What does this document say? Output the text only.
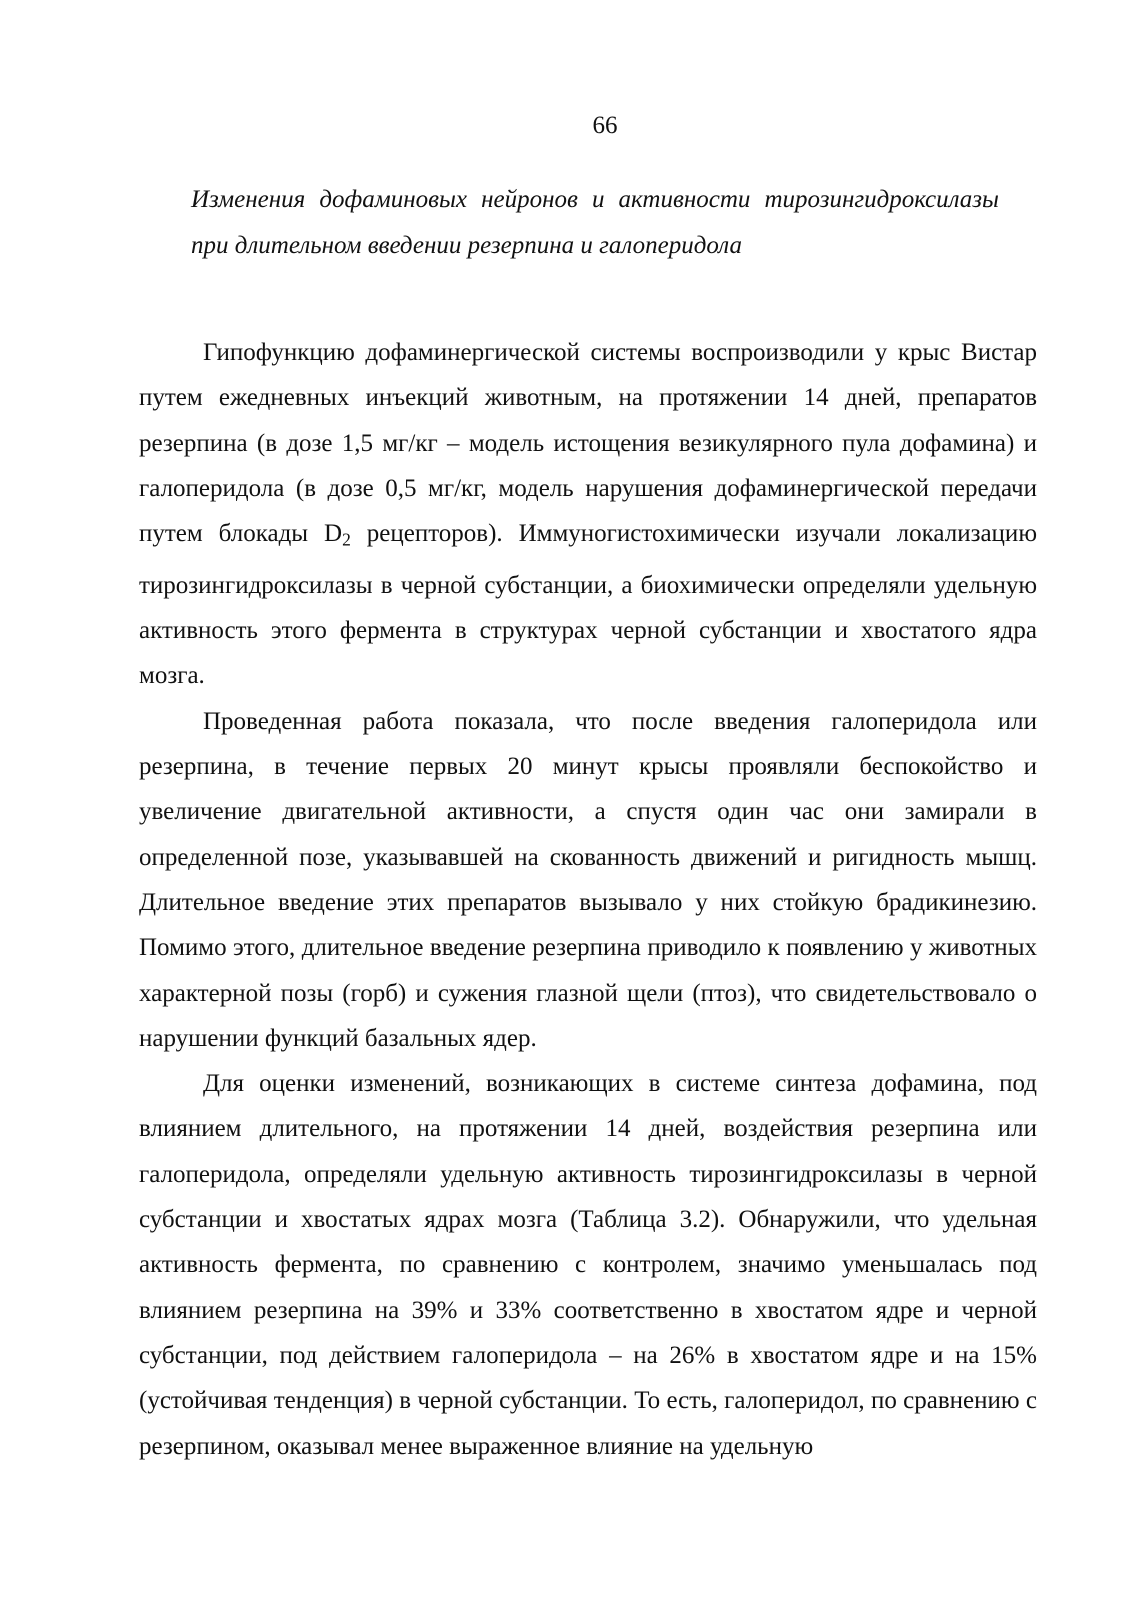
66
Изменения дофаминовых нейронов и активности тирозингидроксилазы при длительном введении резерпина и галоперидола

Гипофункцию дофаминергической системы воспроизводили у крыс Вистар путем ежедневных инъекций животным, на протяжении 14 дней, препаратов резерпина (в дозе 1,5 мг/кг – модель истощения везикулярного пула дофамина) и галоперидола (в дозе 0,5 мг/кг, модель нарушения дофаминергической передачи путем блокады $D_2$ рецепторов). Иммуногистохимически изучали локализацию тирозингидроксилазы в черной субстанции, а биохимически определяли удельную активность этого фермента в структурах черной субстанции и хвостатого ядра мозга.

Проведенная работа показала, что после введения галоперидола или резерпина, в течение первых 20 минут крысы проявляли беспокойство и увеличение двигательной активности, а спустя один час они замирали в определенной позе, указывавшей на скованность движений и ригидность мышц. Длительное введение этих препаратов вызывало у них стойкую брадикинезию. Помимо этого, длительное введение резерпина приводило к появлению у животных характерной позы (горб) и сужения глазной щели (птоз), что свидетельствовало о нарушении функций базальных ядер.

Для оценки изменений, возникающих в системе синтеза дофамина, под влиянием длительного, на протяжении 14 дней, воздействия резерпина или галоперидола, определяли удельную активность тирозингидроксилазы в черной субстанции и хвостатых ядрах мозга (Таблица 3.2). Обнаружили, что удельная активность фермента, по сравнению с контролем, значимо уменьшалась под влиянием резерпина на 39% и 33% соответственно в хвостатом ядре и черной субстанции, под действием галоперидола – на 26% в хвостатом ядре и на 15% (устойчивая тенденция) в черной субстанции. То есть, галоперидол, по сравнению с резерпином, оказывал менее выраженное влияние на удельную
